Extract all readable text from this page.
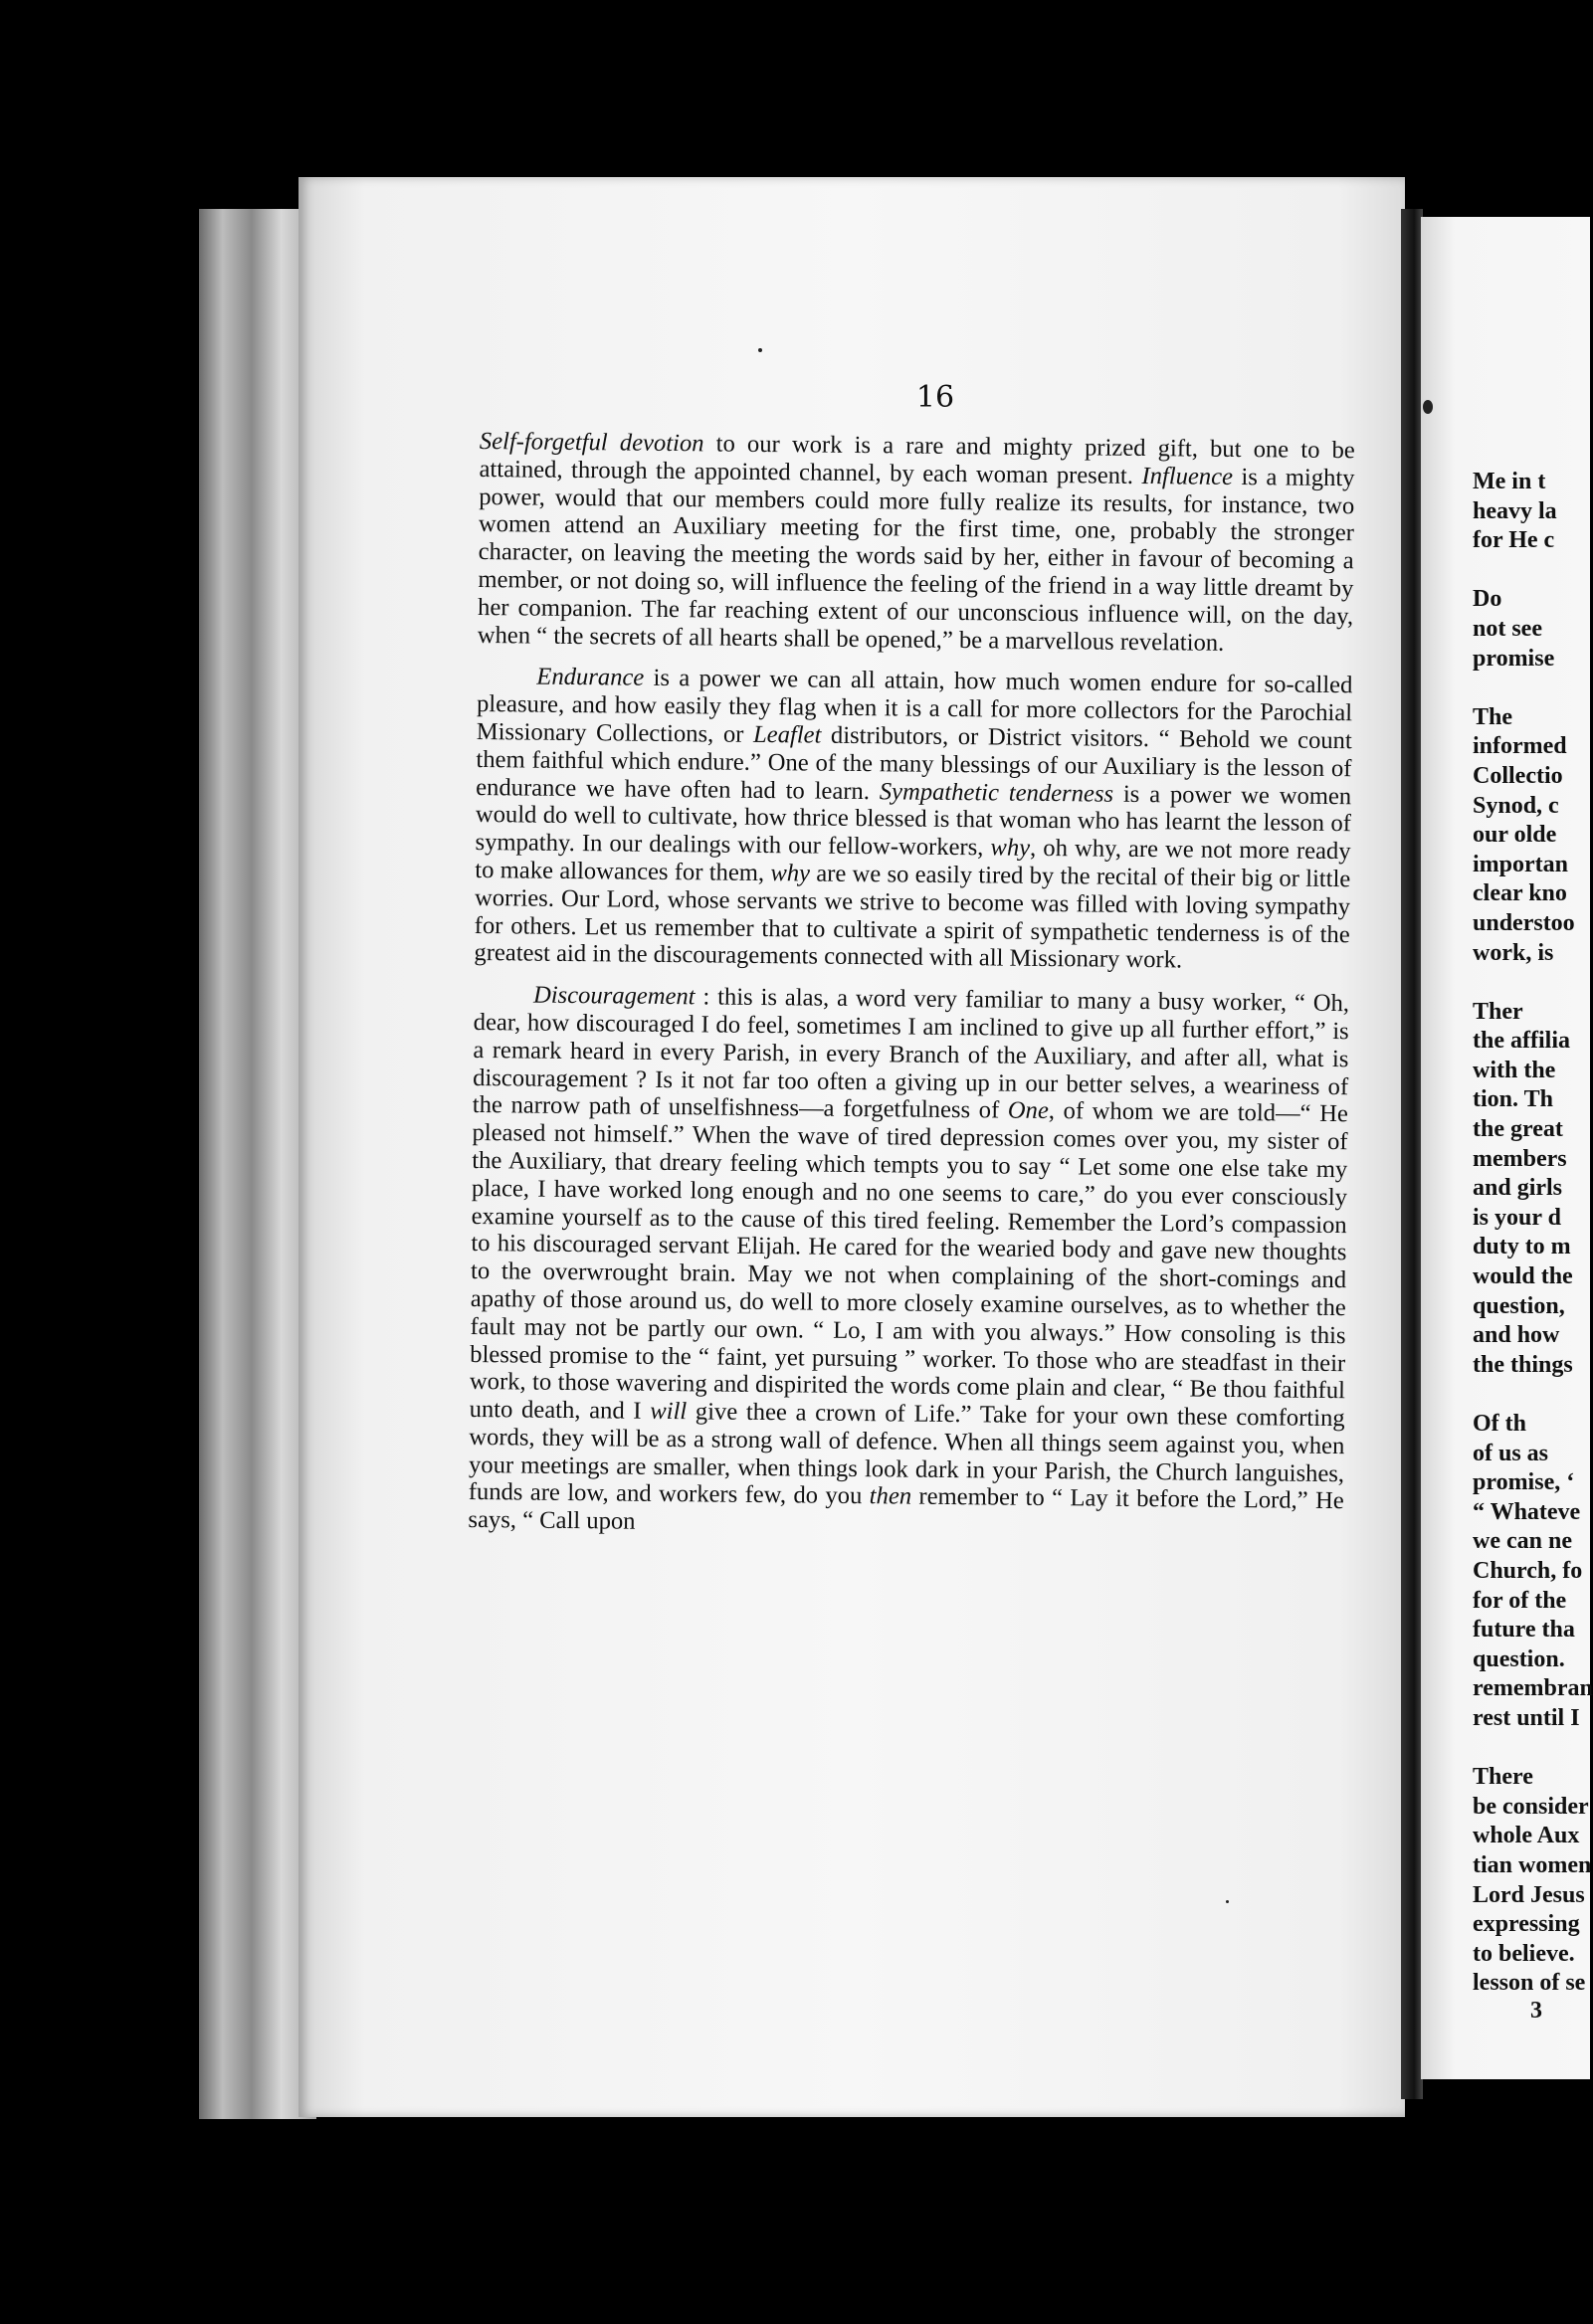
16

Self-forgetful devotion to our work is a rare and mighty prized gift, but one to be attained, through the appointed channel, by each woman present. Influence is a mighty power, would that our members could more fully realize its results, for instance, two women attend an Auxiliary meeting for the first time, one, probably the stronger character, on leaving the meeting the words said by her, either in favour of becoming a member, or not doing so, will influence the feeling of the friend in a way little dreamt by her companion. The far reaching extent of our unconscious influence will, on the day, when “ the secrets of all hearts shall be opened,” be a marvellous revelation.

Endurance is a power we can all attain, how much women endure for so-called pleasure, and how easily they flag when it is a call for more collectors for the Parochial Missionary Collections, or Leaflet distributors, or District visitors. “ Behold we count them faithful which endure.” One of the many blessings of our Auxiliary is the lesson of endurance we have often had to learn. Sympathetic tenderness is a power we women would do well to cultivate, how thrice blessed is that woman who has learnt the lesson of sympathy. In our dealings with our fellow-workers, why, oh why, are we not more ready to make allowances for them, why are we so easily tired by the recital of their big or little worries. Our Lord, whose servants we strive to become was filled with loving sympathy for others. Let us remember that to cultivate a spirit of sympathetic tenderness is of the greatest aid in the discouragements connected with all Missionary work.

Discouragement : this is alas, a word very familiar to many a busy worker, “ Oh, dear, how discouraged I do feel, sometimes I am inclined to give up all further effort,” is a remark heard in every Parish, in every Branch of the Auxiliary, and after all, what is discouragement ? Is it not far too often a giving up in our better selves, a weariness of the narrow path of unselfishness—a forgetfulness of One, of whom we are told—“ He pleased not himself.” When the wave of tired depression comes over you, my sister of the Auxiliary, that dreary feeling which tempts you to say “ Let some one else take my place, I have worked long enough and no one seems to care,” do you ever consciously examine yourself as to the cause of this tired feeling. Remember the Lord’s compassion to his discouraged servant Elijah. He cared for the wearied body and gave new thoughts to the overwrought brain. May we not when complaining of the short-comings and apathy of those around us, do well to more closely examine ourselves, as to whether the fault may not be partly our own. “ Lo, I am with you always.” How consoling is this blessed promise to the “ faint, yet pursuing ” worker. To those who are steadfast in their work, to those wavering and dispirited the words come plain and clear, “ Be thou faithful unto death, and I will give thee a crown of Life.” Take for your own these comforting words, they will be as a strong wall of defence. When all things seem against you, when your meetings are smaller, when things look dark in your Parish, the Church languishes, funds are low, and workers few, do you then remember to “ Lay it before the Lord,” He says, “ Call upon

Me in t
heavy la
for He c
Do
not see
promise
The
informed
Collectio
Synod, c
our olde
importan
clear kno
understoo
work, is
Ther
the affilia
with the
tion. Th
the great
members
and girls
is your d
duty to m
would the
question,
and how
the things
Of th
of us as
promise, ‘
“ Whateve
we can ne
Church, fo
for of the
future tha
question.
remembran
rest until I
There
be consider
whole Aux
tian women
Lord Jesus
expressing
to believe.
lesson of se
3
